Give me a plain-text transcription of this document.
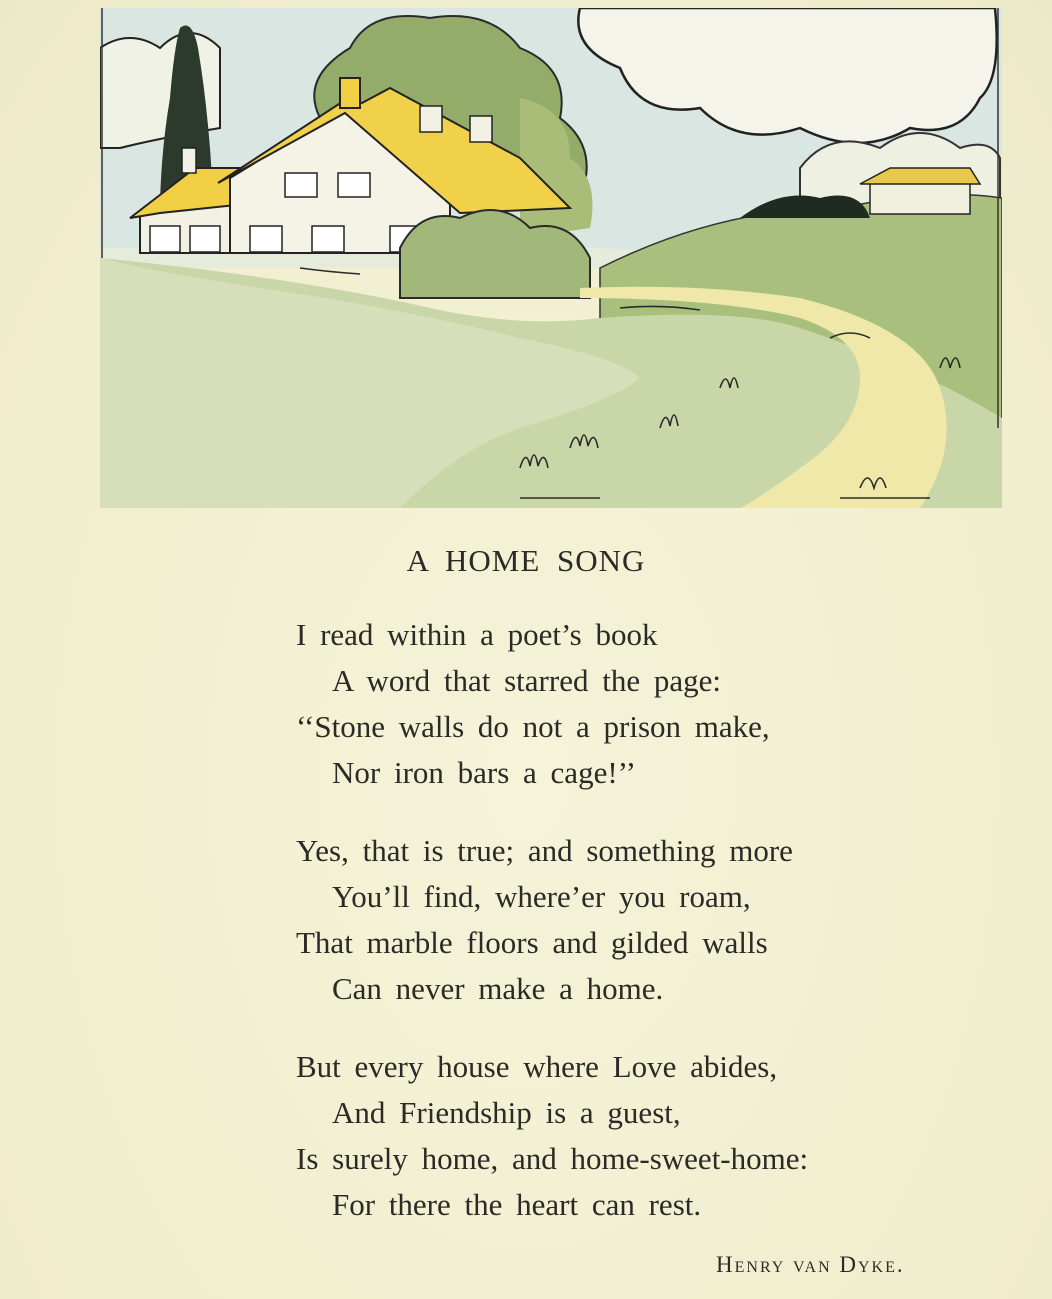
A HOME SONG
I read within a poet’s book
A word that starred the page:
‘‘Stone walls do not a prison make,
Nor iron bars a cage!’’
Yes, that is true; and something more
You’ll find, where’er you roam,
That marble floors and gilded walls
Can never make a home.
But every house where Love abides,
And Friendship is a guest,
Is surely home, and home-sweet-home:
For there the heart can rest.
Henry van Dyke.
